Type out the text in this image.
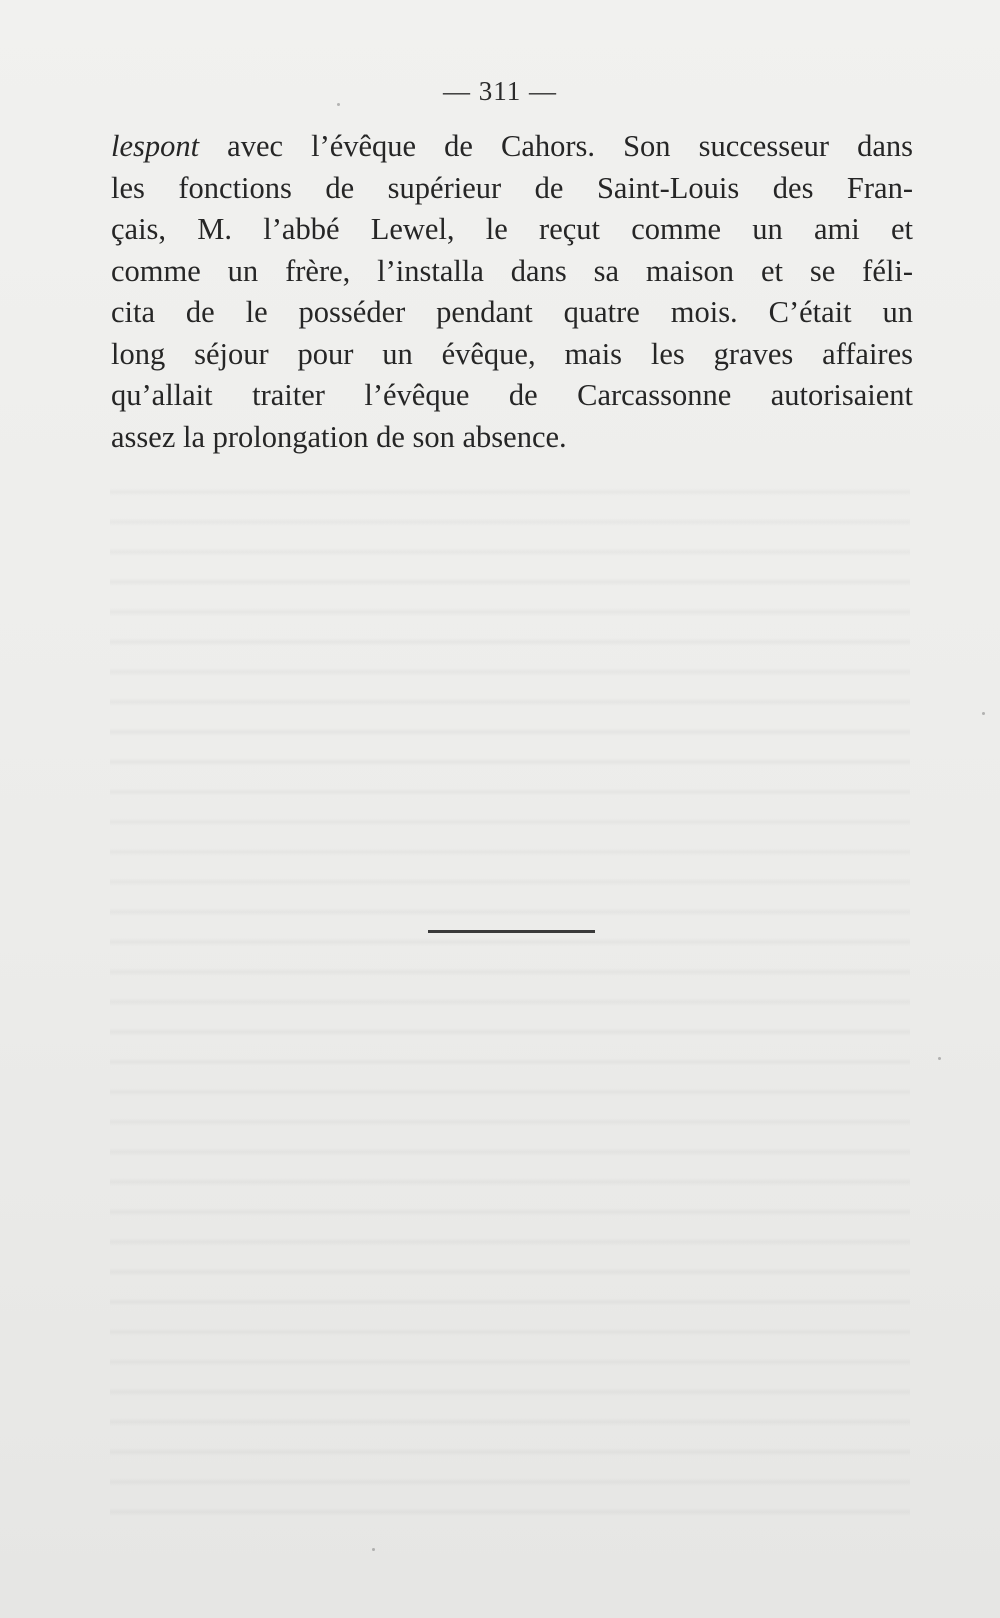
— 311 —
lespont avec l’évêque de Cahors. Son successeur dans
les fonctions de supérieur de Saint-Louis des Fran-
çais, M. l’abbé Lewel, le reçut comme un ami et
comme un frère, l’installa dans sa maison et se féli-
cita de le posséder pendant quatre mois. C’était un
long séjour pour un évêque, mais les graves affaires
qu’allait traiter l’évêque de Carcassonne autorisaient
assez la prolongation de son absence.
